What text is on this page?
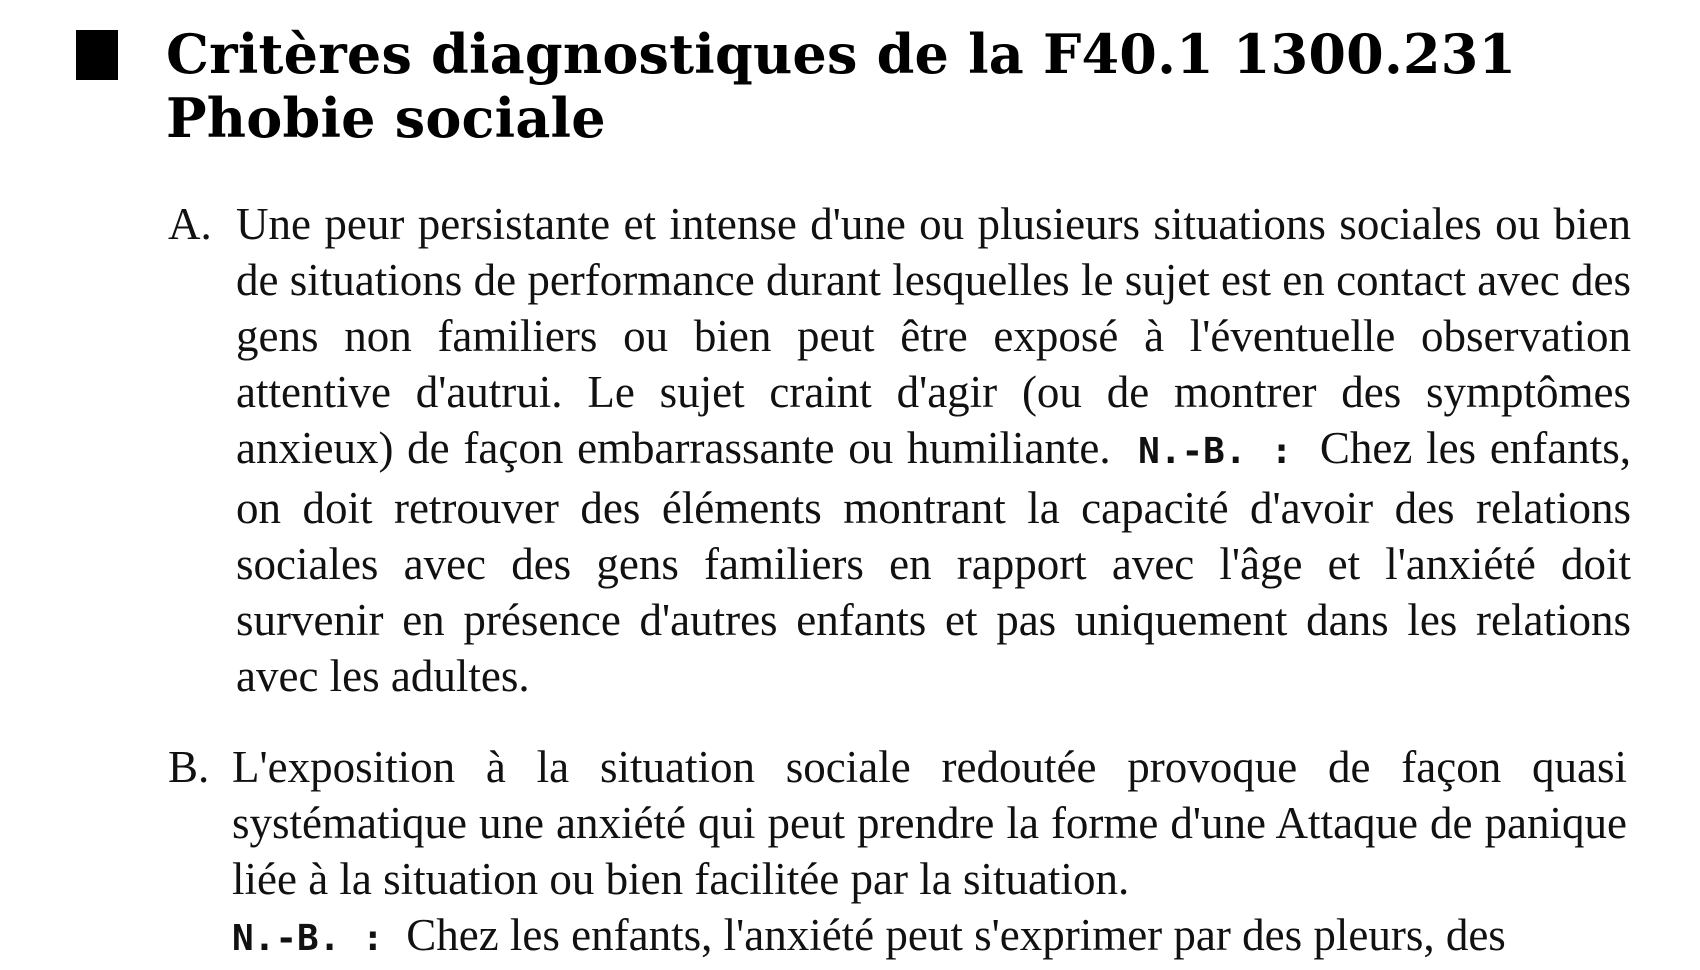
Critères diagnostiques de la F40.1 1300.231 Phobie sociale
A. Une peur persistante et intense d'une ou plusieurs situations sociales ou bien de situations de performance durant lesquelles le sujet est en contact avec des gens non familiers ou bien peut être exposé à l'éventuelle observation attentive d'autrui. Le sujet craint d'agir (ou de montrer des symptômes anxieux) de façon embarrassante ou humiliante. N.-B. : Chez les enfants, on doit retrouver des éléments montrant la capacité d'avoir des relations sociales avec des gens familiers en rapport avec l'âge et l'anxiété doit survenir en présence d'autres enfants et pas uniquement dans les relations avec les adultes.
B. L'exposition à la situation sociale redoutée provoque de façon quasi systématique une anxiété qui peut prendre la forme d'une Attaque de panique liée à la situation ou bien facilitée par la situation.
N.-B. : Chez les enfants, l'anxiété peut s'exprimer par des pleurs, des
